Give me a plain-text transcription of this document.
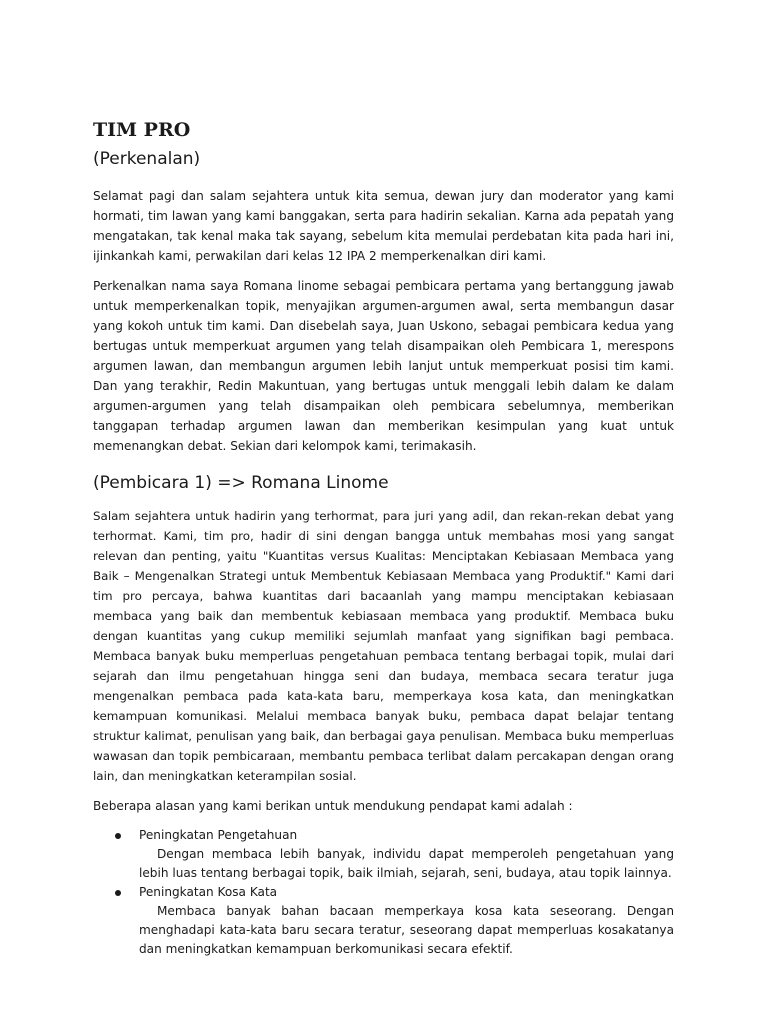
TIM PRO
(Perkenalan)

Selamat pagi dan salam sejahtera untuk kita semua, dewan jury dan moderator yang kami hormati, tim lawan yang kami banggakan, serta para hadirin sekalian. Karna ada pepatah yang mengatakan, tak kenal maka tak sayang, sebelum kita memulai perdebatan kita pada hari ini, ijinkankah kami, perwakilan dari kelas 12 IPA 2 memperkenalkan diri kami.

Perkenalkan nama saya Romana linome sebagai pembicara pertama yang bertanggung jawab untuk memperkenalkan topik, menyajikan argumen-argumen awal, serta membangun dasar yang kokoh untuk tim kami. Dan disebelah saya, Juan Uskono, sebagai pembicara kedua yang bertugas untuk memperkuat argumen yang telah disampaikan oleh Pembicara 1, merespons argumen lawan, dan membangun argumen lebih lanjut untuk memperkuat posisi tim kami. Dan yang terakhir, Redin Makuntuan, yang bertugas untuk menggali lebih dalam ke dalam argumen-argumen yang telah disampaikan oleh pembicara sebelumnya, memberikan tanggapan terhadap argumen lawan dan memberikan kesimpulan yang kuat untuk memenangkan debat. Sekian dari kelompok kami, terimakasih.

(Pembicara 1) => Romana Linome

Salam sejahtera untuk hadirin yang terhormat, para juri yang adil, dan rekan-rekan debat yang terhormat. Kami, tim pro, hadir di sini dengan bangga untuk membahas mosi yang sangat relevan dan penting, yaitu "Kuantitas versus Kualitas: Menciptakan Kebiasaan Membaca yang Baik – Mengenalkan Strategi untuk Membentuk Kebiasaan Membaca yang Produktif." Kami dari tim pro percaya, bahwa kuantitas dari bacaanlah yang mampu menciptakan kebiasaan membaca yang baik dan membentuk kebiasaan membaca yang produktif. Membaca buku dengan kuantitas yang cukup memiliki sejumlah manfaat yang signifikan bagi pembaca. Membaca banyak buku memperluas pengetahuan pembaca tentang berbagai topik, mulai dari sejarah dan ilmu pengetahuan hingga seni dan budaya, membaca secara teratur juga mengenalkan pembaca pada kata-kata baru, memperkaya kosa kata, dan meningkatkan kemampuan komunikasi. Melalui membaca banyak buku, pembaca dapat belajar tentang struktur kalimat, penulisan yang baik, dan berbagai gaya penulisan. Membaca buku memperluas wawasan dan topik pembicaraan, membantu pembaca terlibat dalam percakapan dengan orang lain, dan meningkatkan keterampilan sosial.

Beberapa alasan yang kami berikan untuk mendukung pendapat kami adalah :

Peningkatan Pengetahuan
Dengan membaca lebih banyak, individu dapat memperoleh pengetahuan yang lebih luas tentang berbagai topik, baik ilmiah, sejarah, seni, budaya, atau topik lainnya.
Peningkatan Kosa Kata
Membaca banyak bahan bacaan memperkaya kosa kata seseorang. Dengan menghadapi kata-kata baru secara teratur, seseorang dapat memperluas kosakatanya dan meningkatkan kemampuan berkomunikasi secara efektif.
